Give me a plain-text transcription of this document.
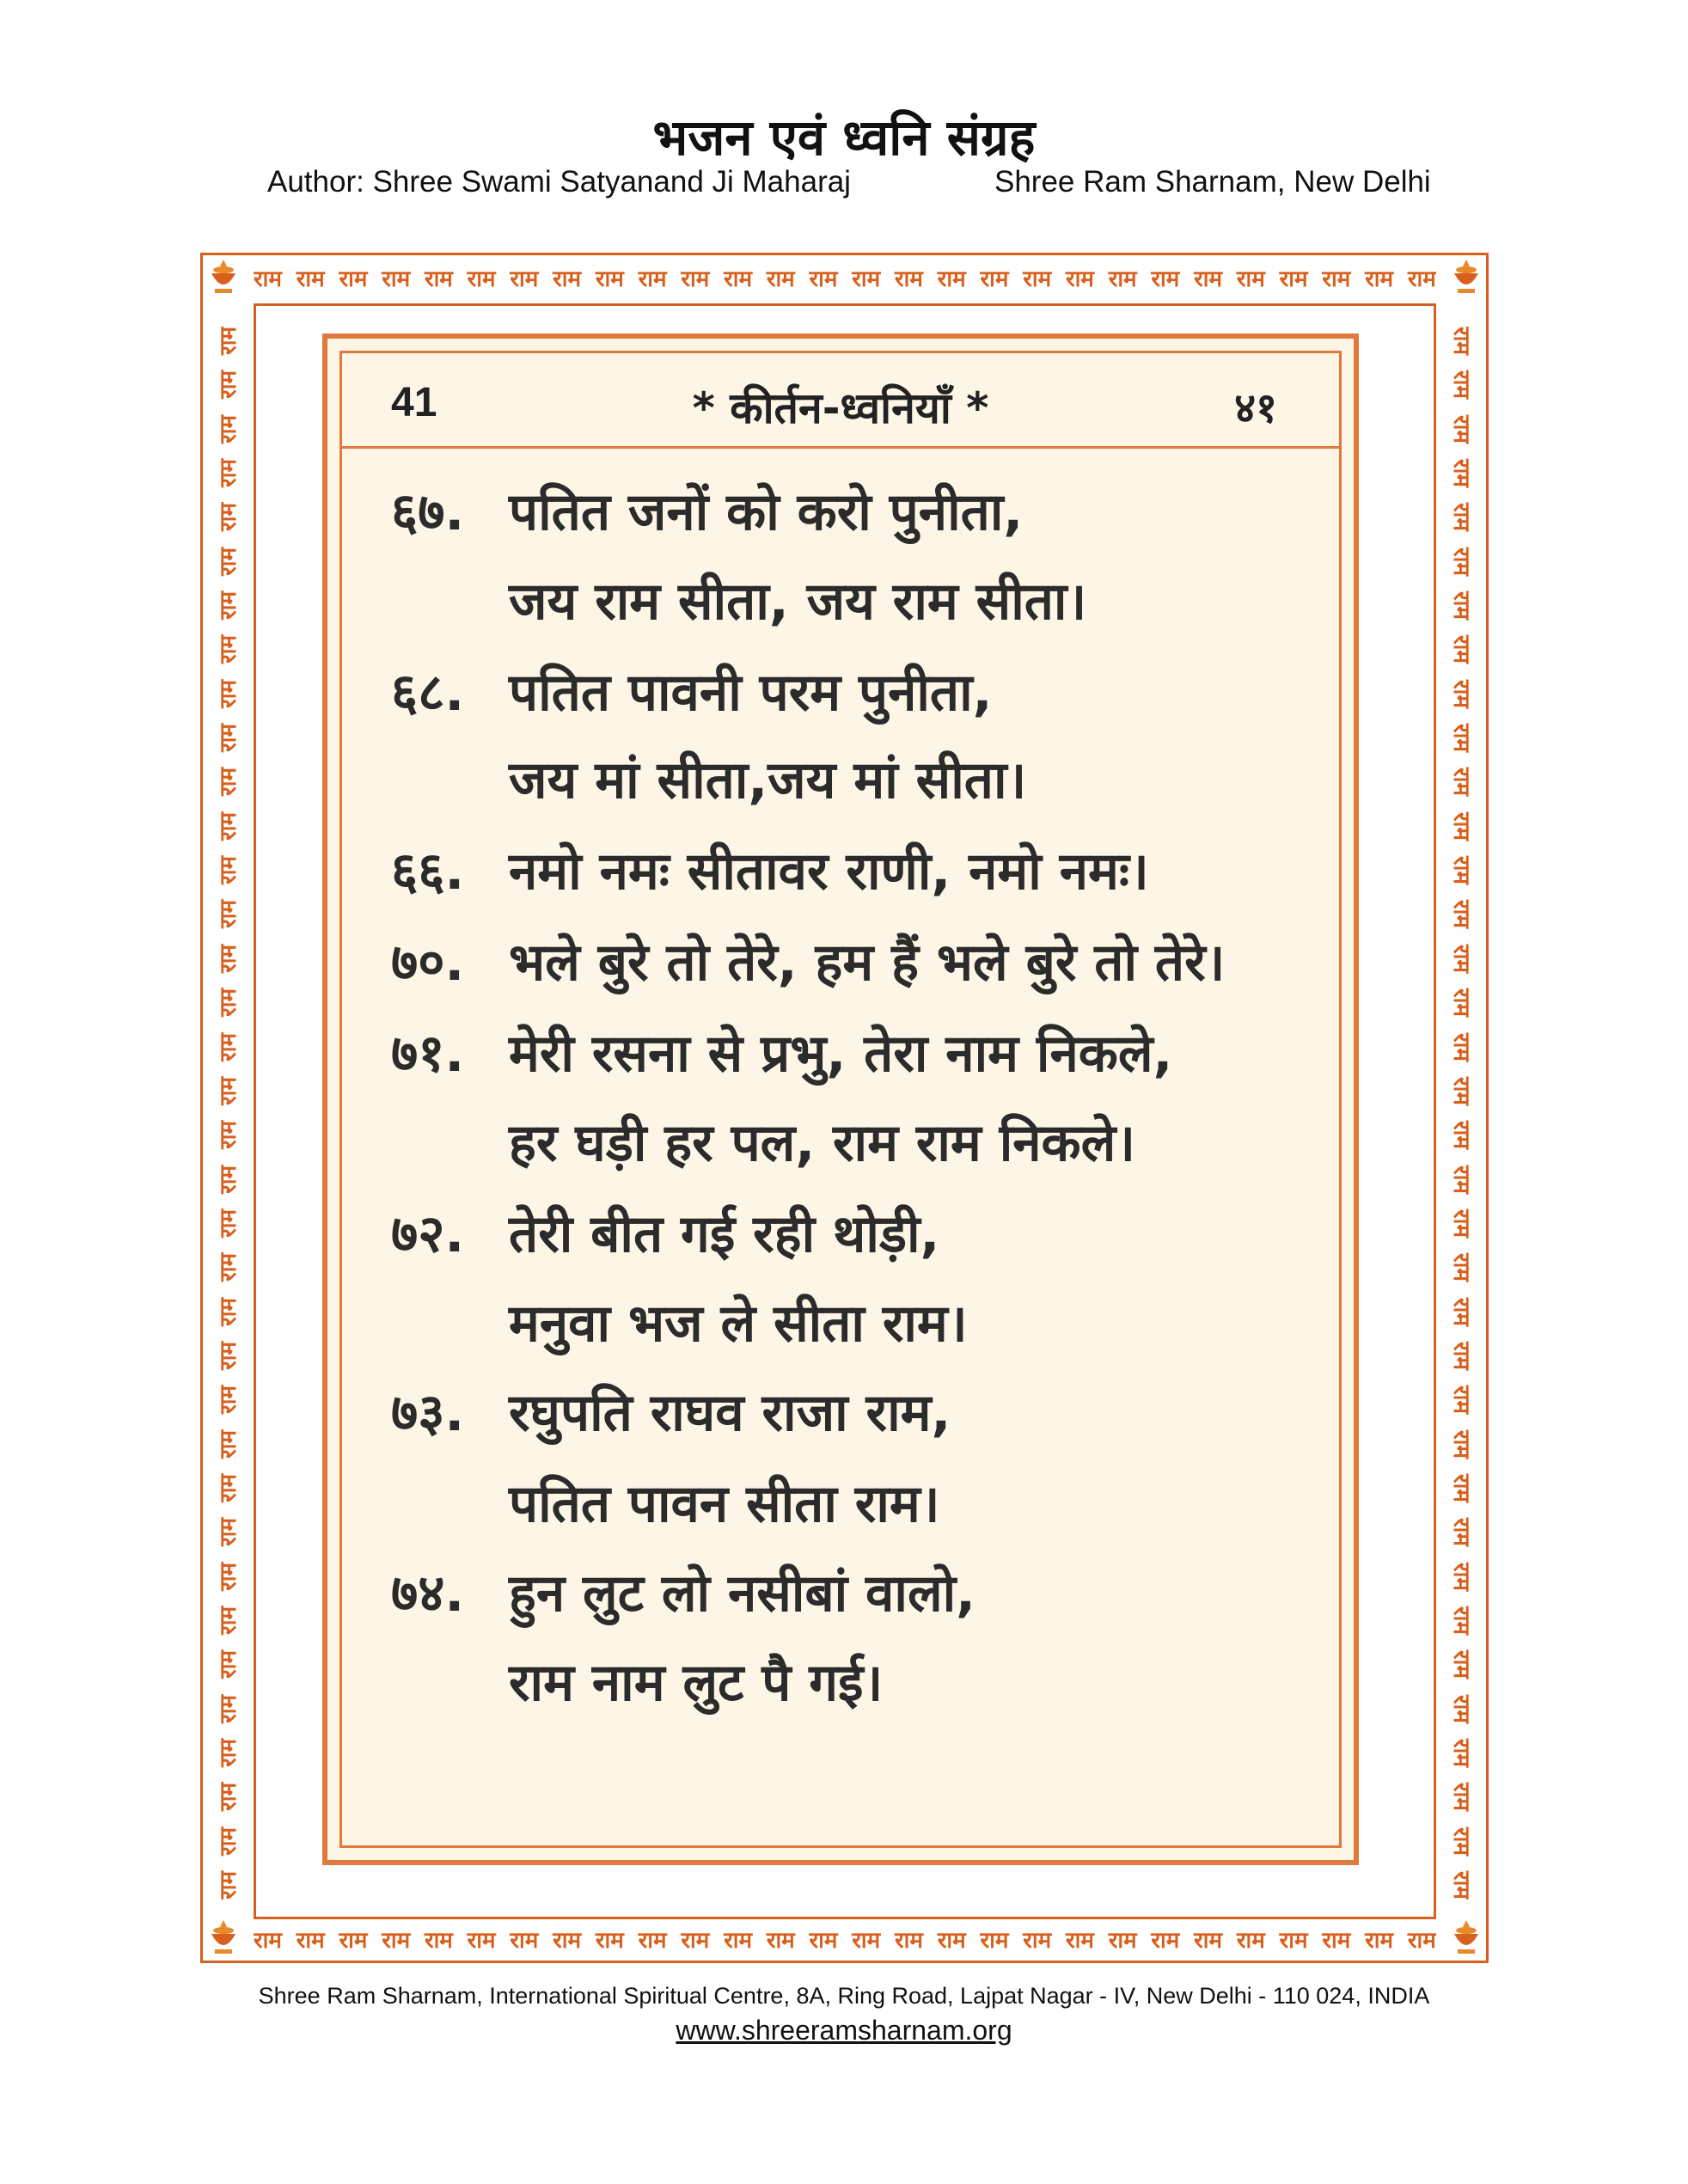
भजन एवं ध्वनि संग्रह
Author: Shree Swami Satyanand Ji Maharaj	Shree Ram Sharnam, New Delhi
राम राम राम राम राम राम राम राम राम राम राम राम राम राम राम राम राम राम राम राम राम राम राम राम राम राम राम राम
राम राम राम राम राम राम राम राम राम राम राम राम राम राम राम राम राम राम राम राम राम राम राम राम राम राम राम राम
राम
राम
राम
राम
राम
राम
राम
राम
राम
राम
राम
राम
राम
राम
राम
राम
राम
राम
राम
राम
राम
राम
राम
राम
राम
राम
राम
राम
राम
राम
राम
राम
राम
राम
राम
राम
राम
राम
राम
राम
राम
राम
राम
राम
राम
राम
राम
राम
राम
राम
राम
राम
राम
राम
राम
राम
राम
राम
राम
राम
राम
राम
राम
राम
राम
राम
राम
राम
राम
राम
राम
राम
41	* कीर्तन-ध्वनियाँ *	४१
६७. पतित जनों को करो पुनीता,
जय राम सीता, जय राम सीता।
६८. पतित पावनी परम पुनीता,
जय मां सीता,जय मां सीता।
६६. नमो नमः सीतावर राणी, नमो नमः।
७०. भले बुरे तो तेरे, हम हैं भले बुरे तो तेरे।
७१. मेरी रसना से प्रभु, तेरा नाम निकले,
हर घड़ी हर पल, राम राम निकले।
७२. तेरी बीत गई रही थोड़ी,
मनुवा भज ले सीता राम।
७३. रघुपति राघव राजा राम,
पतित पावन सीता राम।
७४. हुन लुट लो नसीबां वालो,
राम नाम लुट पै गई।
Shree Ram Sharnam, International Spiritual Centre, 8A, Ring Road, Lajpat Nagar - IV, New Delhi - 110 024, INDIA
www.shreeramsharnam.org
